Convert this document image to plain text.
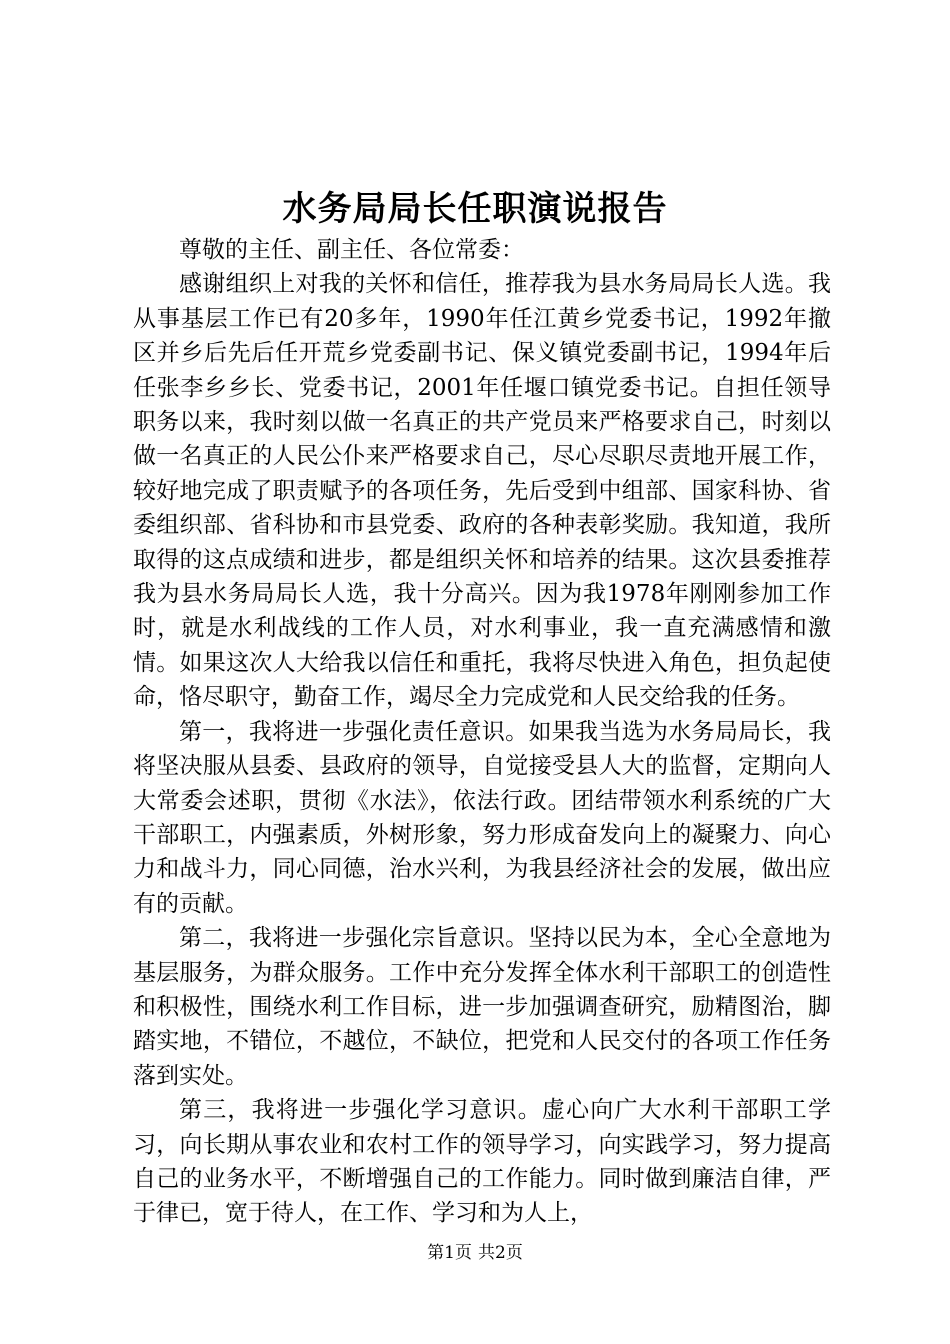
水务局局长任职演说报告

尊敬的主任、副主任、各位常委：

感谢组织上对我的关怀和信任，推荐我为县水务局局长人选。我从事基层工作已有20多年，1990年任江黄乡党委书记，1992年撤区并乡后先后任开荒乡党委副书记、保义镇党委副书记，1994年后任张李乡乡长、党委书记，2001年任堰口镇党委书记。自担任领导职务以来，我时刻以做一名真正的共产党员来严格要求自己，时刻以做一名真正的人民公仆来严格要求自己，尽心尽职尽责地开展工作，较好地完成了职责赋予的各项任务，先后受到中组部、国家科协、省委组织部、省科协和市县党委、政府的各种表彰奖励。我知道，我所取得的这点成绩和进步，都是组织关怀和培养的结果。这次县委推荐我为县水务局局长人选，我十分高兴。因为我1978年刚刚参加工作时，就是水利战线的工作人员，对水利事业，我一直充满感情和激情。如果这次人大给我以信任和重托，我将尽快进入角色，担负起使命，恪尽职守，勤奋工作，竭尽全力完成党和人民交给我的任务。

第一，我将进一步强化责任意识。如果我当选为水务局局长，我将坚决服从县委、县政府的领导，自觉接受县人大的监督，定期向人大常委会述职，贯彻《水法》，依法行政。团结带领水利系统的广大干部职工，内强素质，外树形象，努力形成奋发向上的凝聚力、向心力和战斗力，同心同德，治水兴利，为我县经济社会的发展，做出应有的贡献。

第二，我将进一步强化宗旨意识。坚持以民为本，全心全意地为基层服务，为群众服务。工作中充分发挥全体水利干部职工的创造性和积极性，围绕水利工作目标，进一步加强调查研究，励精图治，脚踏实地，不错位，不越位，不缺位，把党和人民交付的各项工作任务落到实处。

第三，我将进一步强化学习意识。虚心向广大水利干部职工学习，向长期从事农业和农村工作的领导学习，向实践学习，努力提高自己的业务水平，不断增强自己的工作能力。同时做到廉洁自律，严于律已，宽于待人，在工作、学习和为人上，

第1页 共2页
